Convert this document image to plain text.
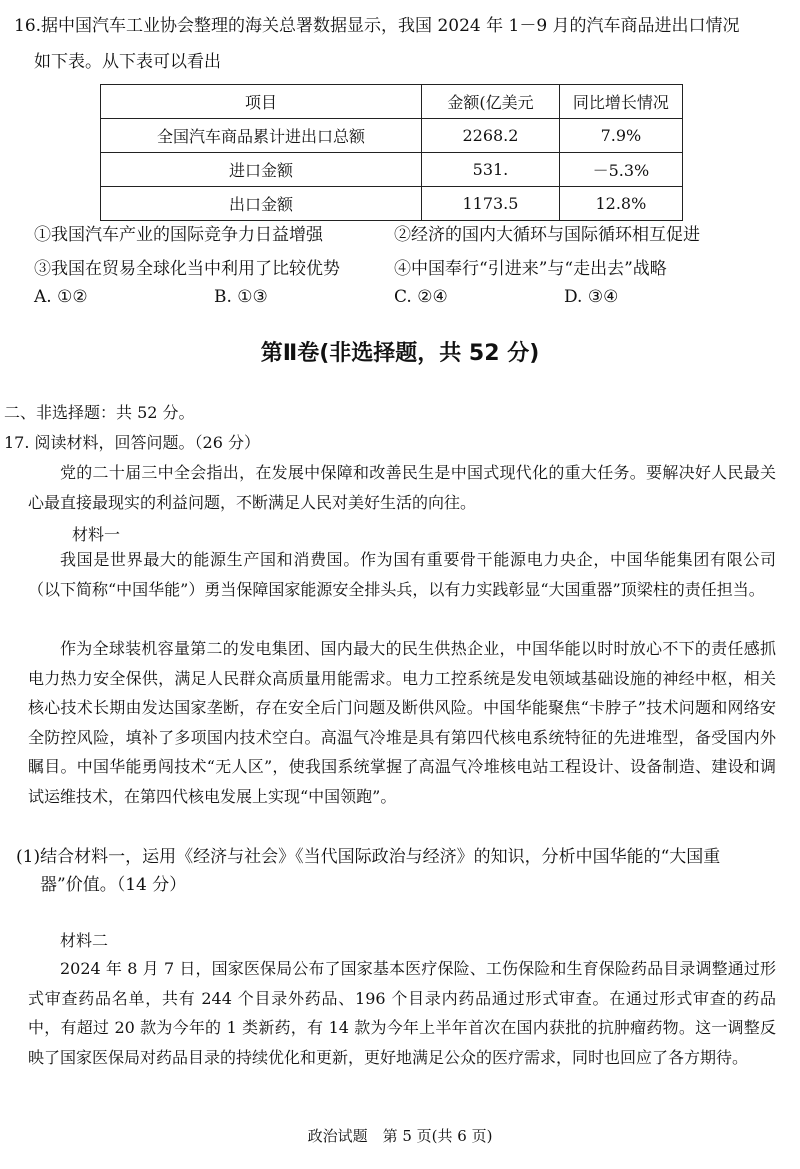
16.据中国汽车工业协会整理的海关总署数据显示，我国 2024 年 1－9 月的汽车商品进出口情况
如下表。从下表可以看出
项目	金额(亿美元	同比增长情况
全国汽车商品累计进出口总额	2268.2	7.9%
进口金额	531.	－5.3%
出口金额	1173.5	12.8%
①我国汽车产业的国际竞争力日益增强	②经济的国内大循环与国际循环相互促进
③我国在贸易全球化当中利用了比较优势	④中国奉行“引进来”与“走出去”战略
A. ①②	B. ①③	C. ②④	D. ③④
第Ⅱ卷(非选择题，共 52 分)
二、非选择题：共 52 分。
17. 阅读材料，回答问题。（26 分）
党的二十届三中全会指出，在发展中保障和改善民生是中国式现代化的重大任务。要解决好人民最关心最直接最现实的利益问题，不断满足人民对美好生活的向往。
材料一
我国是世界最大的能源生产国和消费国。作为国有重要骨干能源电力央企，中国华能集团有限公司（以下简称“中国华能”）勇当保障国家能源安全排头兵，以有力实践彰显“大国重器”顶梁柱的责任担当。
作为全球装机容量第二的发电集团、国内最大的民生供热企业，中国华能以时时放心不下的责任感抓电力热力安全保供，满足人民群众高质量用能需求。电力工控系统是发电领域基础设施的神经中枢，相关核心技术长期由发达国家垄断，存在安全后门问题及断供风险。中国华能聚焦“卡脖子”技术问题和网络安全防控风险，填补了多项国内技术空白。高温气冷堆是具有第四代核电系统特征的先进堆型，备受国内外瞩目。中国华能勇闯技术“无人区”，使我国系统掌握了高温气冷堆核电站工程设计、设备制造、建设和调试运维技术，在第四代核电发展上实现“中国领跑”。
(1)结合材料一，运用《经济与社会》《当代国际政治与经济》的知识，分析中国华能的“大国重
器”价值。（14 分）
材料二
2024 年 8 月 7 日，国家医保局公布了国家基本医疗保险、工伤保险和生育保险药品目录调整通过形式审查药品名单，共有 244 个目录外药品、196 个目录内药品通过形式审查。在通过形式审查的药品中，有超过 20 款为今年的 1 类新药，有 14 款为今年上半年首次在国内获批的抗肿瘤药物。这一调整反映了国家医保局对药品目录的持续优化和更新，更好地满足公众的医疗需求，同时也回应了各方期待。
政治试题　第 5 页(共 6 页)
